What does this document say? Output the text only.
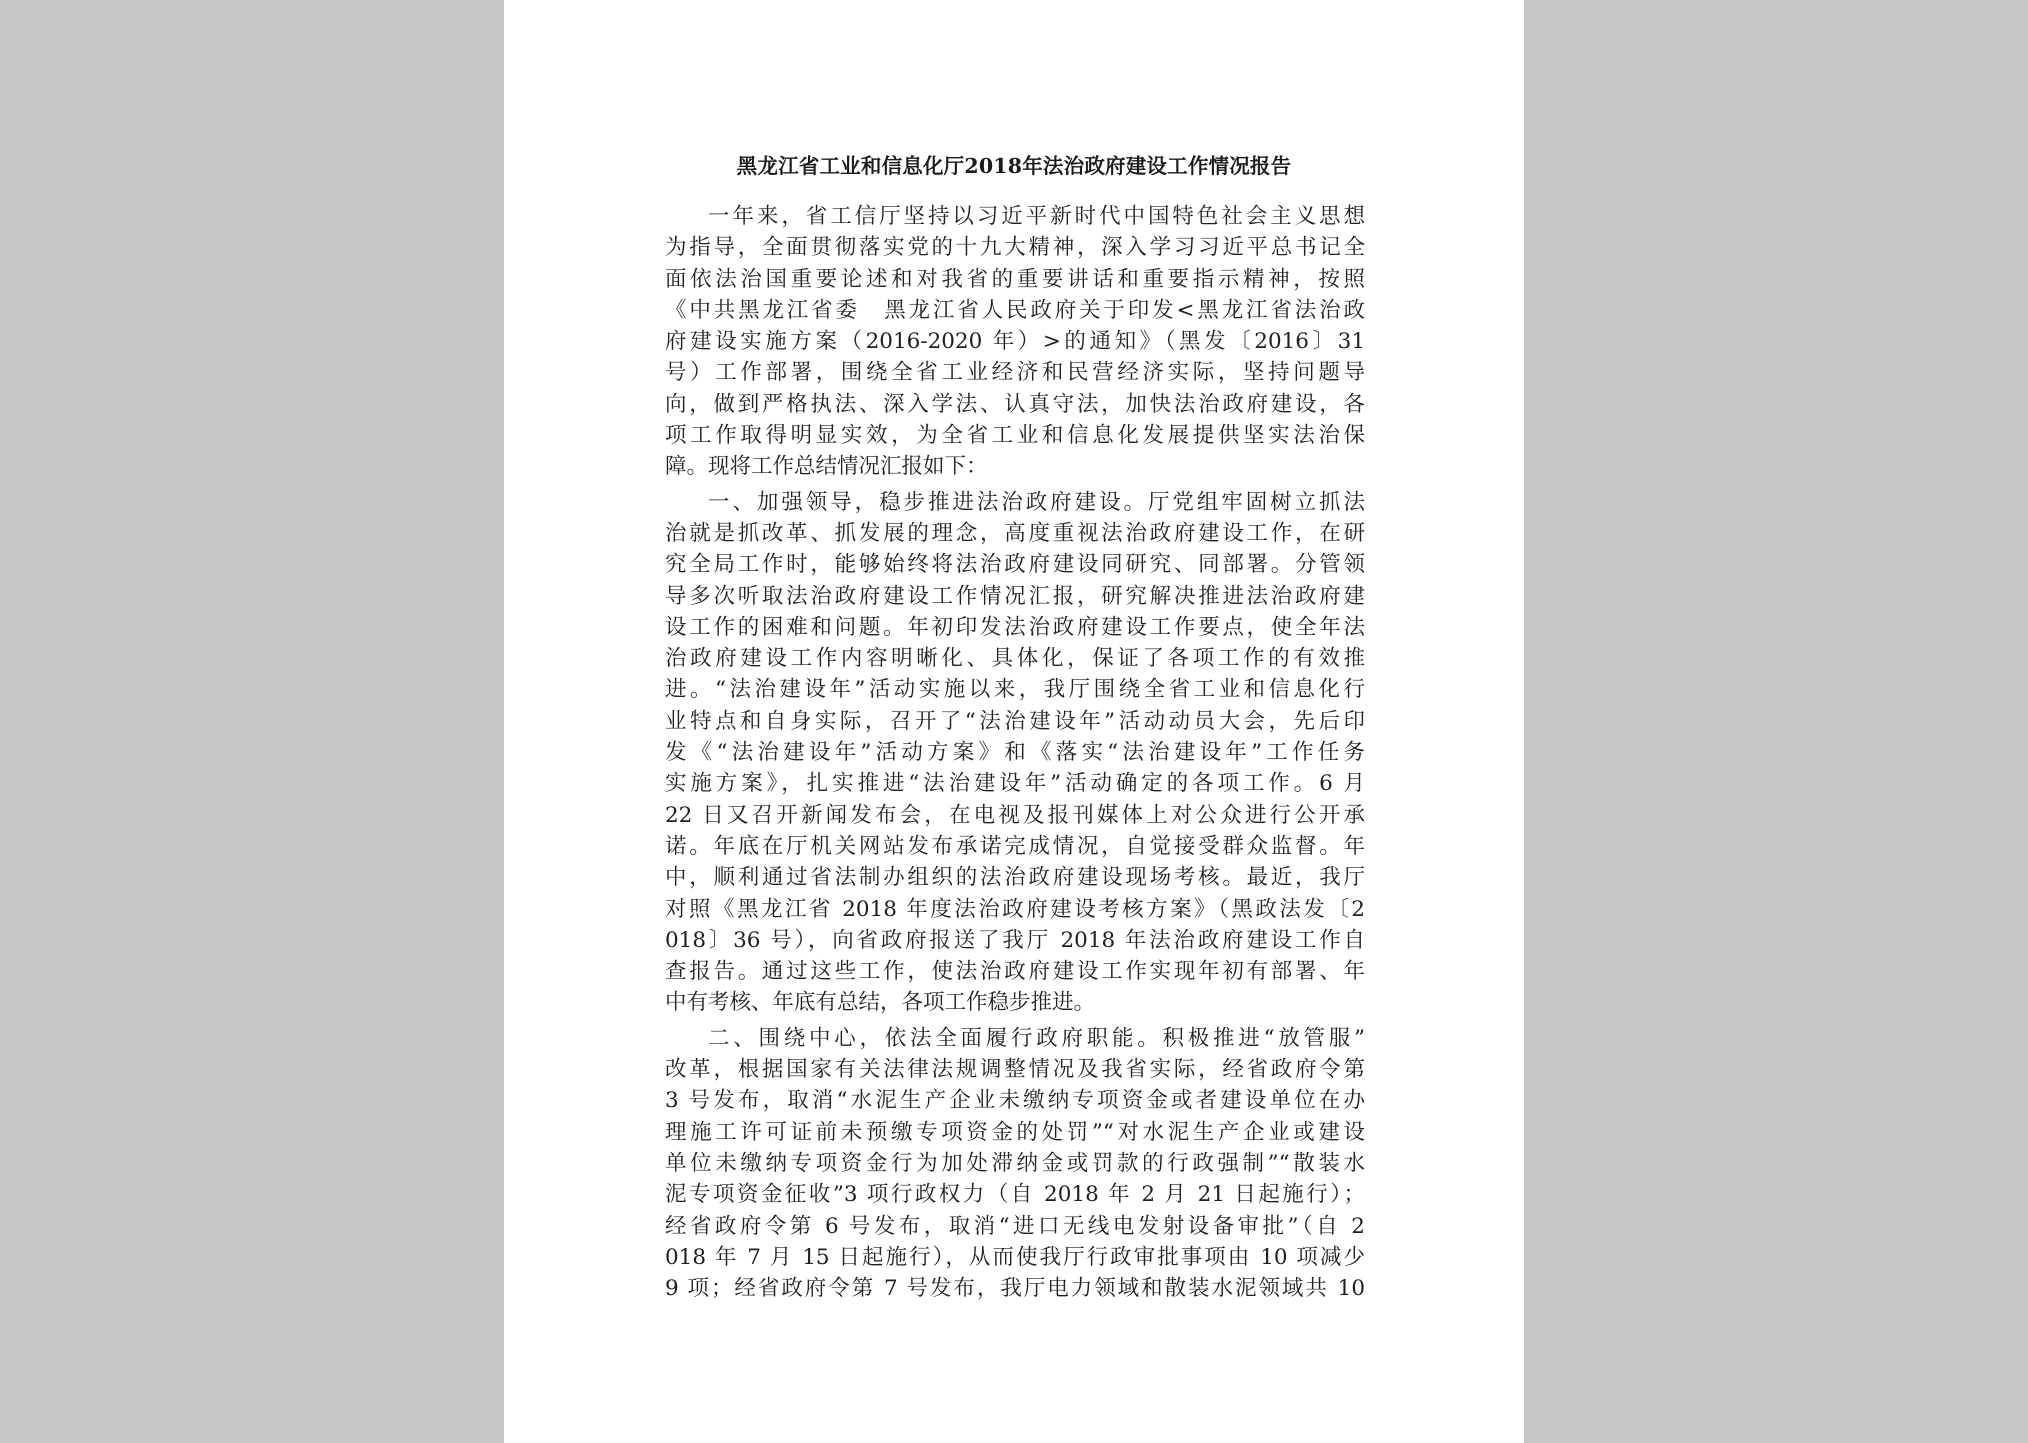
黑龙江省工业和信息化厅2018年法治政府建设工作情况报告
一年来，省工信厅坚持以习近平新时代中国特色社会主义思想
为指导，全面贯彻落实党的十九大精神，深入学习习近平总书记全
面依法治国重要论述和对我省的重要讲话和重要指示精神，按照
《中共黑龙江省委　黑龙江省人民政府关于印发<黑龙江省法治政
府建设实施方案（2016-2020 年）>的通知》（黑发〔2016〕31
号）工作部署，围绕全省工业经济和民营经济实际，坚持问题导
向，做到严格执法、深入学法、认真守法，加快法治政府建设，各
项工作取得明显实效，为全省工业和信息化发展提供坚实法治保
障。现将工作总结情况汇报如下：
一、加强领导，稳步推进法治政府建设。厅党组牢固树立抓法
治就是抓改革、抓发展的理念，高度重视法治政府建设工作，在研
究全局工作时，能够始终将法治政府建设同研究、同部署。分管领
导多次听取法治政府建设工作情况汇报，研究解决推进法治政府建
设工作的困难和问题。年初印发法治政府建设工作要点，使全年法
治政府建设工作内容明晰化、具体化，保证了各项工作的有效推
进。“法治建设年”活动实施以来，我厅围绕全省工业和信息化行
业特点和自身实际，召开了“法治建设年”活动动员大会，先后印
发《“法治建设年”活动方案》和《落实“法治建设年”工作任务
实施方案》，扎实推进“法治建设年”活动确定的各项工作。6 月
22 日又召开新闻发布会，在电视及报刊媒体上对公众进行公开承
诺。年底在厅机关网站发布承诺完成情况，自觉接受群众监督。年
中，顺利通过省法制办组织的法治政府建设现场考核。最近，我厅
对照《黑龙江省 2018 年度法治政府建设考核方案》（黑政法发〔2
018〕36 号），向省政府报送了我厅 2018 年法治政府建设工作自
查报告。通过这些工作，使法治政府建设工作实现年初有部署、年
中有考核、年底有总结，各项工作稳步推进。
二、围绕中心，依法全面履行政府职能。积极推进“放管服”
改革，根据国家有关法律法规调整情况及我省实际，经省政府令第
3 号发布，取消“水泥生产企业未缴纳专项资金或者建设单位在办
理施工许可证前未预缴专项资金的处罚”“对水泥生产企业或建设
单位未缴纳专项资金行为加处滞纳金或罚款的行政强制”“散装水
泥专项资金征收”3 项行政权力（自 2018 年 2 月 21 日起施行）；
经省政府令第 6 号发布，取消“进口无线电发射设备审批”（自 2
018 年 7 月 15 日起施行），从而使我厅行政审批事项由 10 项减少
9 项；经省政府令第 7 号发布，我厅电力领域和散装水泥领域共 10
